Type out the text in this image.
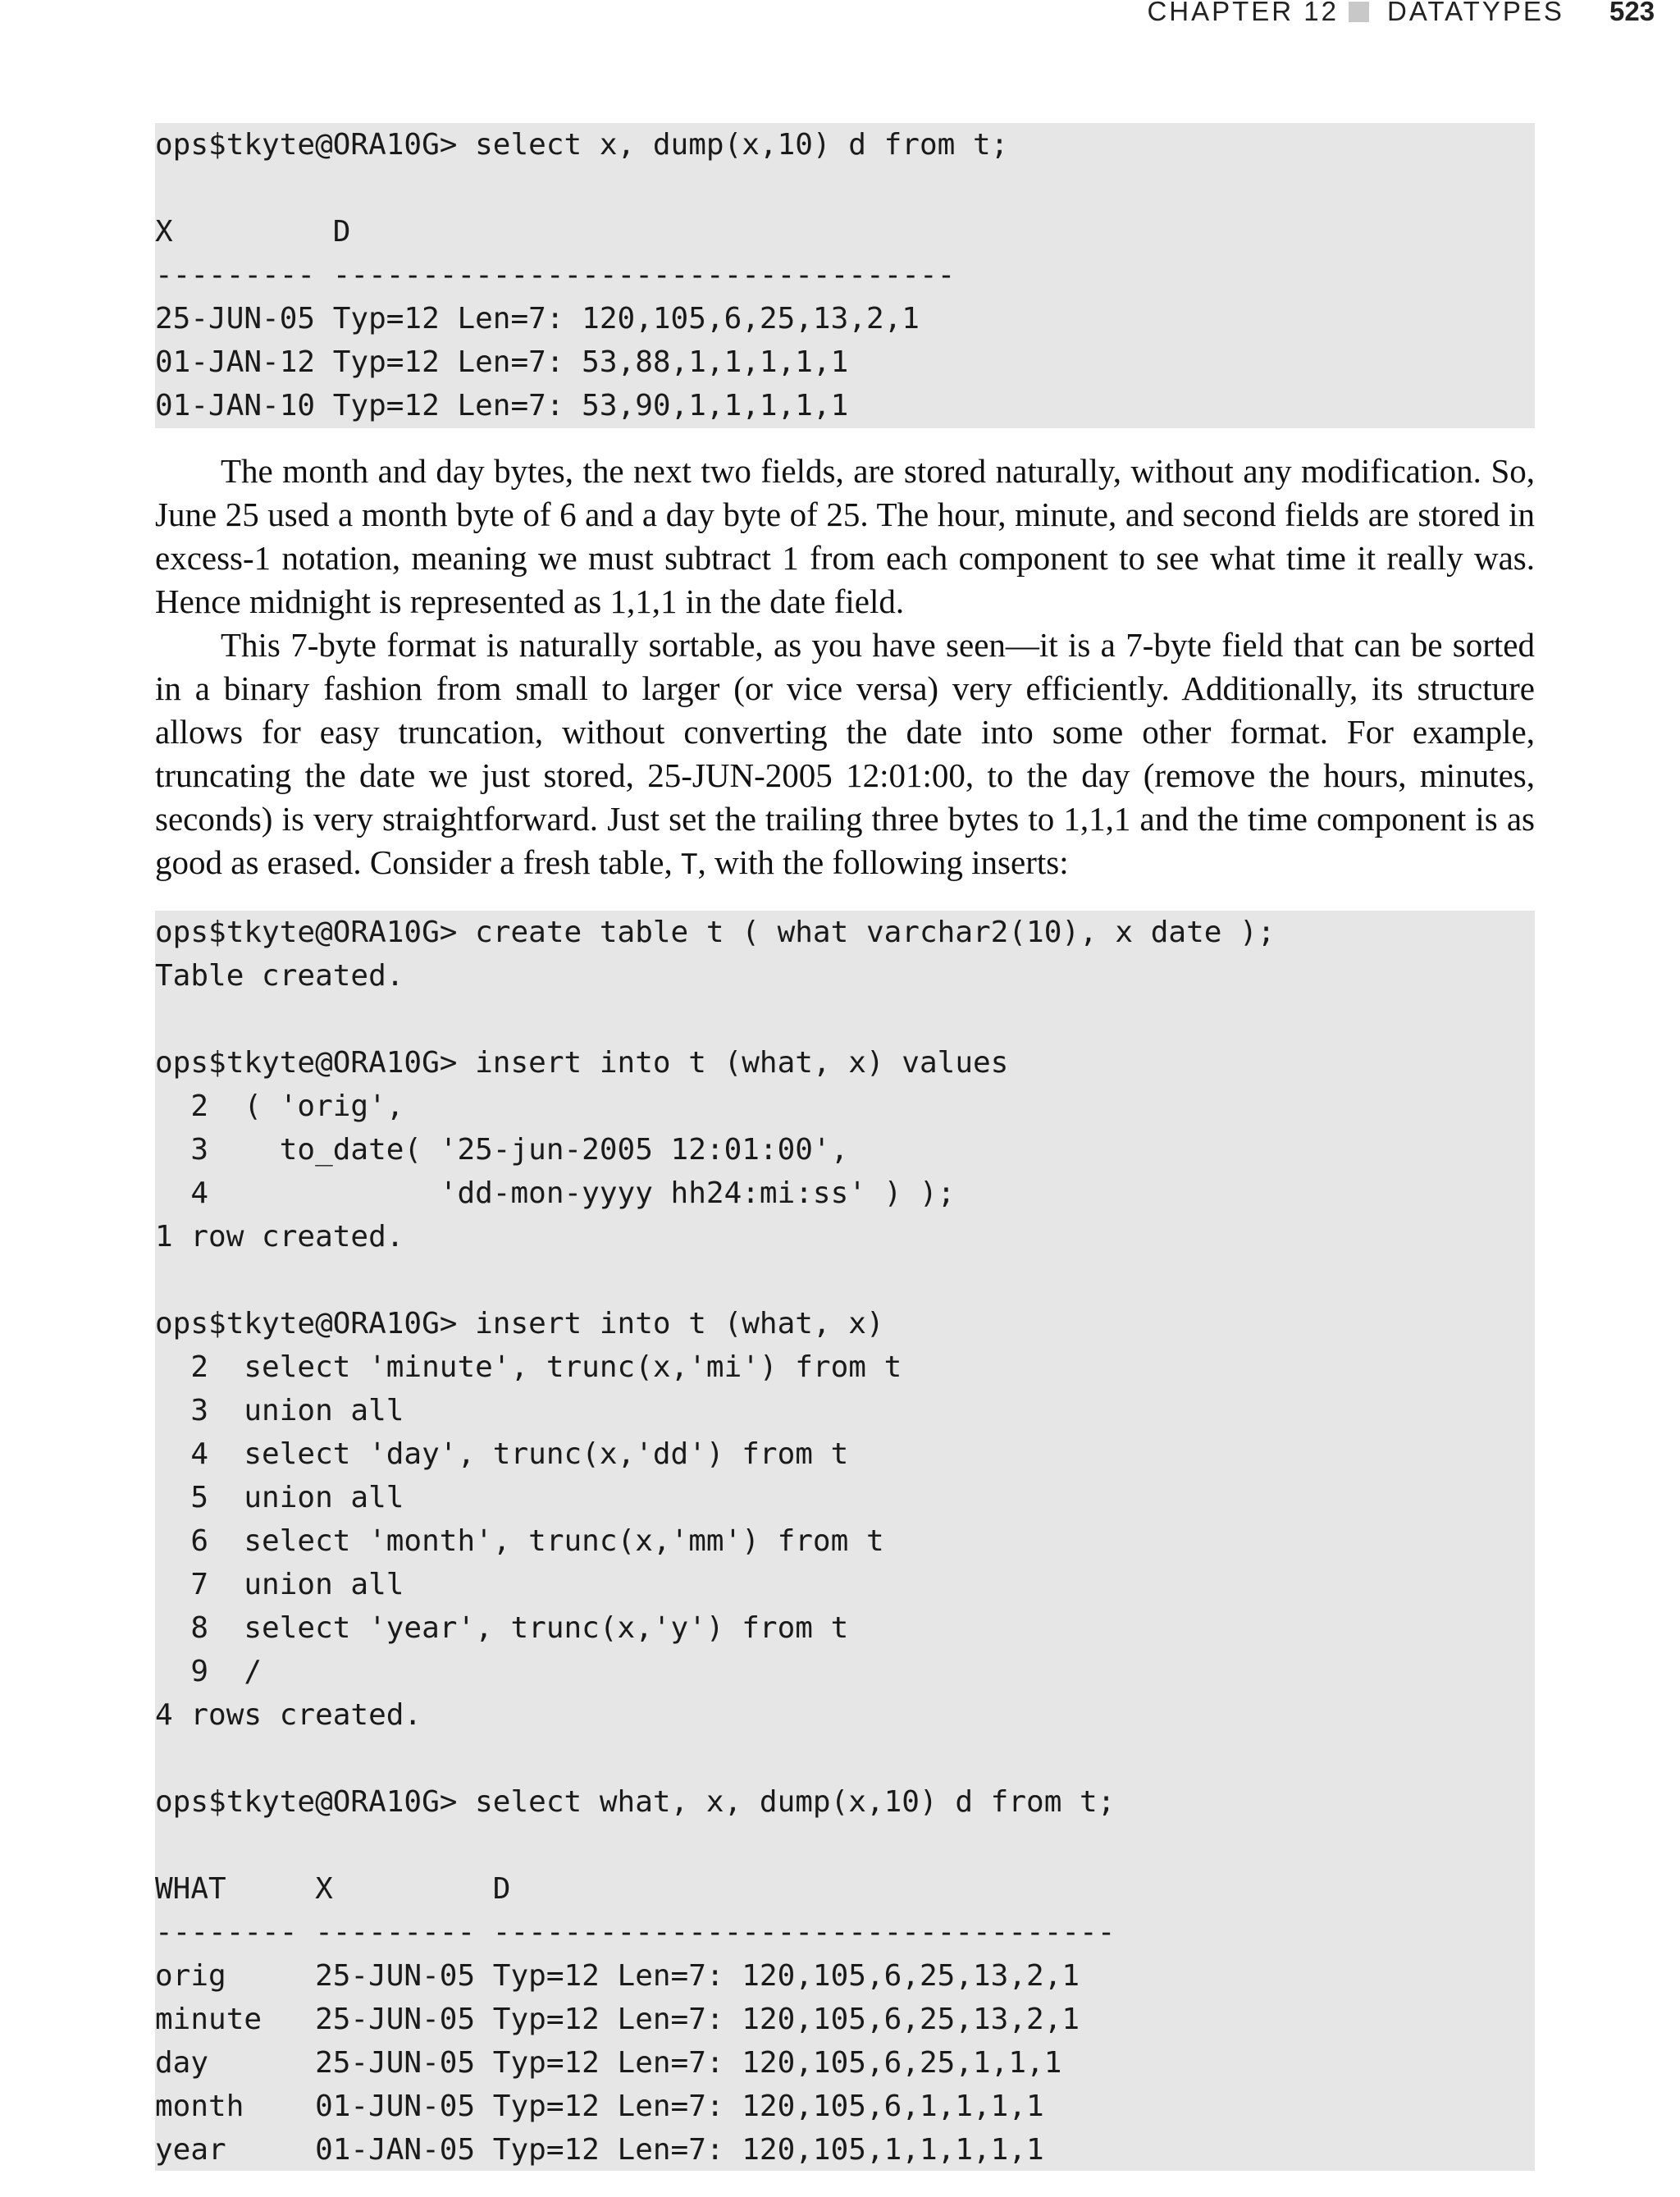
CHAPTER 12 DATATYPES 523
ops$tkyte@ORA10G> select x, dump(x,10) d from t;

X         D
--------- -----------------------------------
25-JUN-05 Typ=12 Len=7: 120,105,6,25,13,2,1
01-JAN-12 Typ=12 Len=7: 53,88,1,1,1,1,1
01-JAN-10 Typ=12 Len=7: 53,90,1,1,1,1,1

The month and day bytes, the next two fields, are stored naturally, without any modification. So, June 25 used a month byte of 6 and a day byte of 25. The hour, minute, and second fields are stored in excess-1 notation, meaning we must subtract 1 from each component to see what time it really was. Hence midnight is represented as 1,1,1 in the date field.

This 7-byte format is naturally sortable, as you have seen—it is a 7-byte field that can be sorted in a binary fashion from small to larger (or vice versa) very efficiently. Additionally, its structure allows for easy truncation, without converting the date into some other format. For example, truncating the date we just stored, 25-JUN-2005 12:01:00, to the day (remove the hours, minutes, seconds) is very straightforward. Just set the trailing three bytes to 1,1,1 and the time component is as good as erased. Consider a fresh table, T, with the following inserts:

ops$tkyte@ORA10G> create table t ( what varchar2(10), x date );
Table created.

ops$tkyte@ORA10G> insert into t (what, x) values
2  ( 'orig',
3    to_date( '25-jun-2005 12:01:00',
4             'dd-mon-yyyy hh24:mi:ss' ) );
1 row created.

ops$tkyte@ORA10G> insert into t (what, x)
2  select 'minute', trunc(x,'mi') from t
3  union all
4  select 'day', trunc(x,'dd') from t
5  union all
6  select 'month', trunc(x,'mm') from t
7  union all
8  select 'year', trunc(x,'y') from t
9  /
4 rows created.

ops$tkyte@ORA10G> select what, x, dump(x,10) d from t;

WHAT     X         D
-------- --------- -----------------------------------
orig     25-JUN-05 Typ=12 Len=7: 120,105,6,25,13,2,1
minute   25-JUN-05 Typ=12 Len=7: 120,105,6,25,13,2,1
day      25-JUN-05 Typ=12 Len=7: 120,105,6,25,1,1,1
month    01-JUN-05 Typ=12 Len=7: 120,105,6,1,1,1,1
year     01-JAN-05 Typ=12 Len=7: 120,105,1,1,1,1,1
